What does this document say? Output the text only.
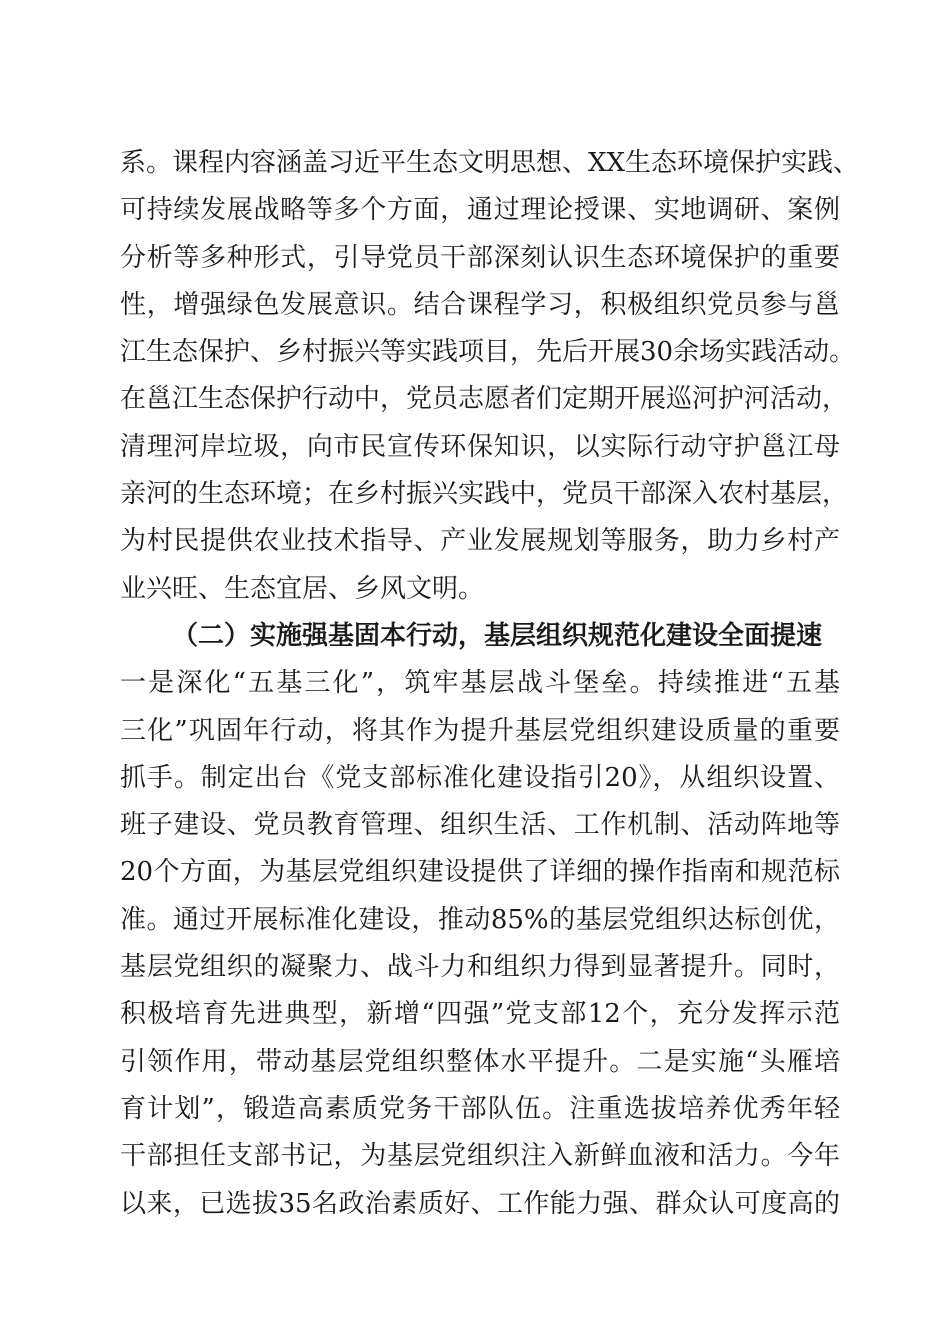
系。课程内容涵盖习近平生态文明思想、XX生态环境保护实践、
可持续发展战略等多个方面，通过理论授课、实地调研、案例
分析等多种形式，引导党员干部深刻认识生态环境保护的重要
性，增强绿色发展意识。结合课程学习，积极组织党员参与邕
江生态保护、乡村振兴等实践项目，先后开展30余场实践活动。
在邕江生态保护行动中，党员志愿者们定期开展巡河护河活动，
清理河岸垃圾，向市民宣传环保知识，以实际行动守护邕江母
亲河的生态环境；在乡村振兴实践中，党员干部深入农村基层，
为村民提供农业技术指导、产业发展规划等服务，助力乡村产
业兴旺、生态宜居、乡风文明。
（二）实施强基固本行动，基层组织规范化建设全面提速
一是深化“五基三化”，筑牢基层战斗堡垒。持续推进“五基
三化”巩固年行动，将其作为提升基层党组织建设质量的重要
抓手。制定出台《党支部标准化建设指引20》，从组织设置、
班子建设、党员教育管理、组织生活、工作机制、活动阵地等
20个方面，为基层党组织建设提供了详细的操作指南和规范标
准。通过开展标准化建设，推动85%的基层党组织达标创优，
基层党组织的凝聚力、战斗力和组织力得到显著提升。同时，
积极培育先进典型，新增“四强”党支部12个，充分发挥示范
引领作用，带动基层党组织整体水平提升。二是实施“头雁培
育计划”，锻造高素质党务干部队伍。注重选拔培养优秀年轻
干部担任支部书记，为基层党组织注入新鲜血液和活力。今年
以来，已选拔35名政治素质好、工作能力强、群众认可度高的
